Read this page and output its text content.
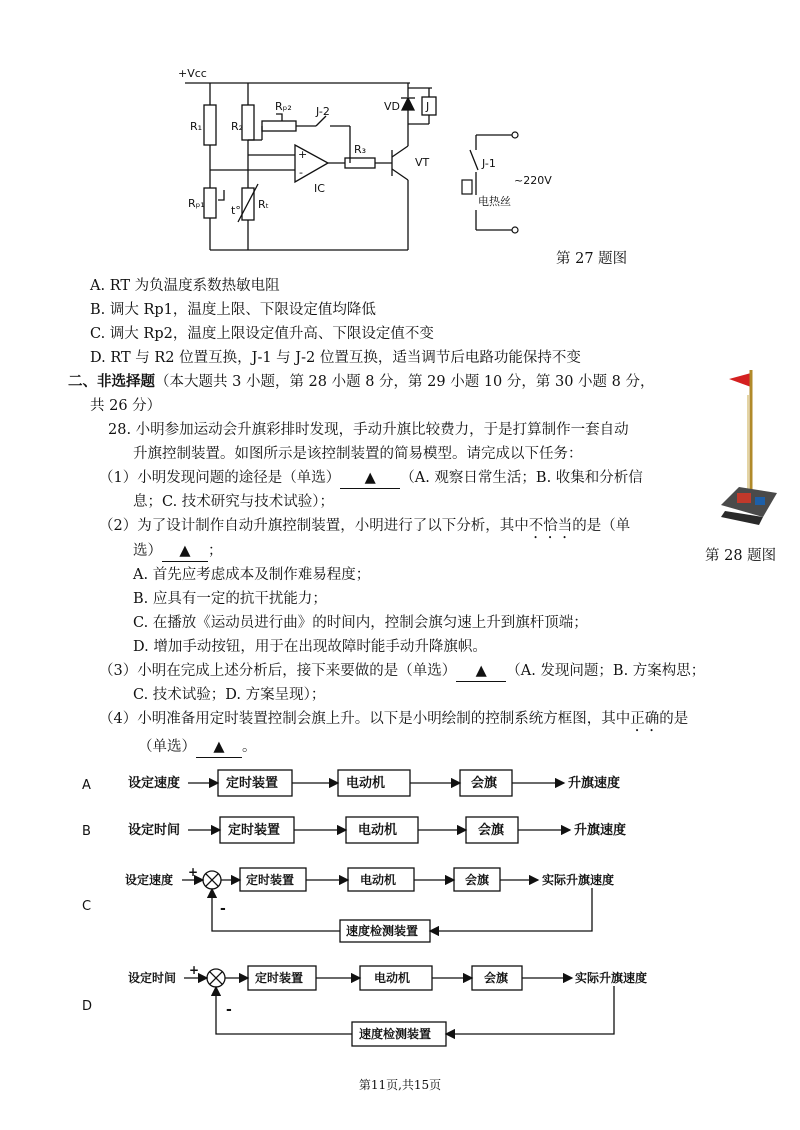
+Vcc
R₁	R₂
Rₚ₂ J-2	VD J
R₃
VT
IC
+
-
Rₚ₁	Rₜ
t°
J-1
~220V
电热丝
第 27 题图
A. RT 为负温度系数热敏电阻
B. 调大 Rp1，温度上限、下限设定值均降低
C. 调大 Rp2，温度上限设定值升高、下限设定值不变
D. RT 与 R2 位置互换，J-1 与 J-2 位置互换，适当调节后电路功能保持不变
二、非选择题（本大题共 3 小题，第 28 小题 8 分，第 29 小题 10 分，第 30 小题 8 分，
共 26 分）
第 28 题图
28. 小明参加运动会升旗彩排时发现，手动升旗比较费力，于是打算制作一套自动
升旗控制装置。如图所示是该控制装置的简易模型。请完成以下任务：
（1）小明发现问题的途径是（单选） ▲ （A. 观察日常生活；B. 收集和分析信
息；C. 技术研究与技术试验）；
（2）为了设计制作自动升旗控制装置，小明进行了以下分析，其中不恰当的是（单
选） ▲ ；
A. 首先应考虑成本及制作难易程度；
B. 应具有一定的抗干扰能力；
C. 在播放《运动员进行曲》的时间内，控制会旗匀速上升到旗杆顶端；
D. 增加手动按钮，用于在出现故障时能手动升降旗帜。
（3）小明在完成上述分析后，接下来要做的是（单选） ▲ （A. 发现问题；B. 方案构思；
C. 技术试验；D. 方案呈现）；
（4）小明准备用定时装置控制会旗上升。以下是小明绘制的控制系统方框图，其中正确的是
（单选） ▲ 。
A	设定速度	定时装置	电动机	会旗	升旗速度
B	设定时间	定时装置	电动机	会旗	升旗速度
C
设定速度
+
-
定时装置	电动机	会旗	实际升旗速度
速度检测装置
D
设定时间
+
-
定时装置	电动机	会旗	实际升旗速度
速度检测装置
第11页,共15页
